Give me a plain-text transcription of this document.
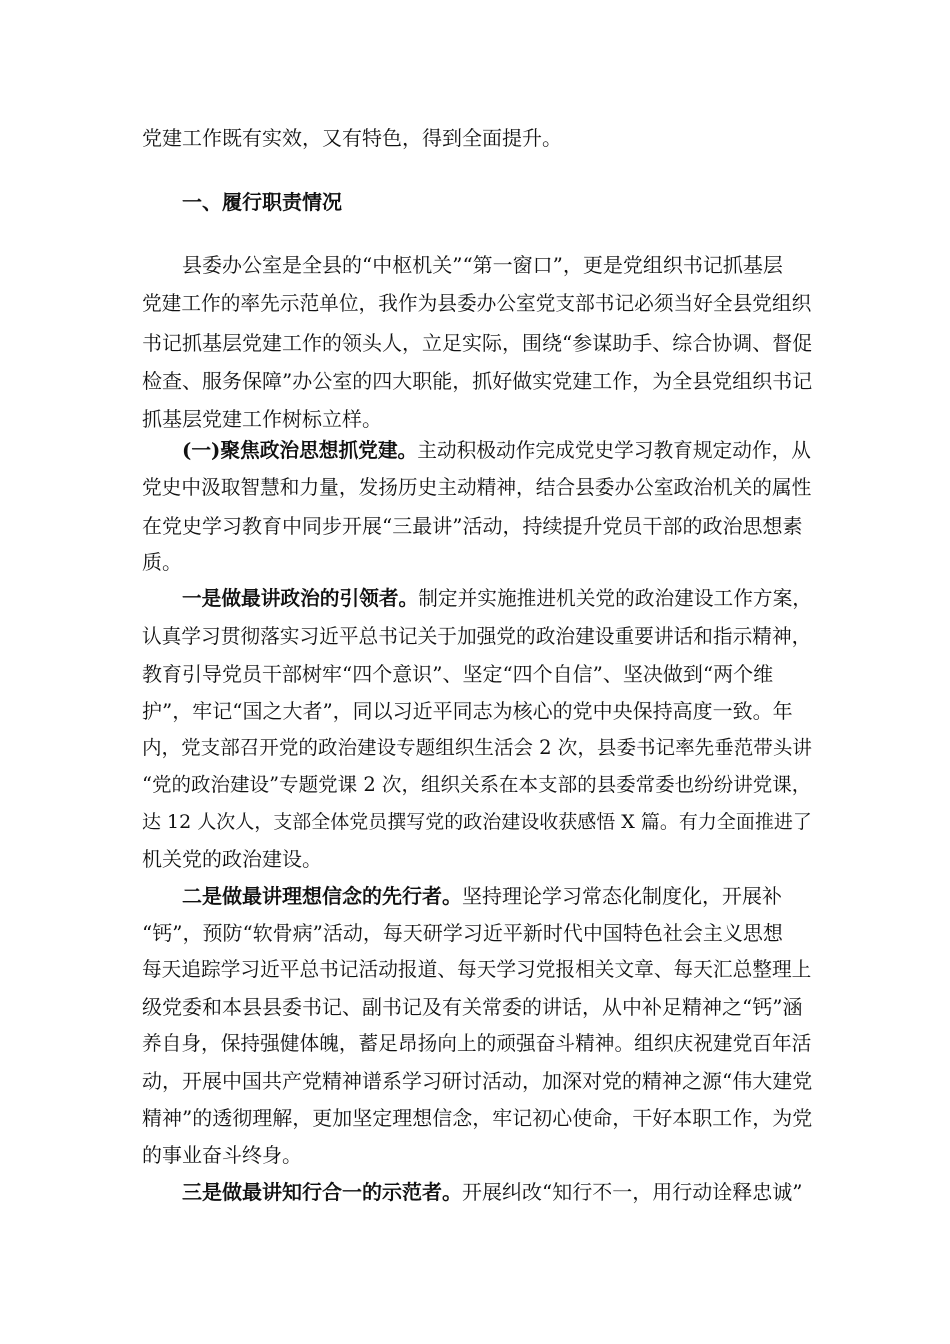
党建工作既有实效，又有特色，得到全面提升。
一、履行职责情况
县委办公室是全县的“中枢机关”“第一窗口”，更是党组织书记抓基层
党建工作的率先示范单位，我作为县委办公室党支部书记必须当好全县党组织
书记抓基层党建工作的领头人，立足实际，围绕“参谋助手、综合协调、督促
检查、服务保障”办公室的四大职能，抓好做实党建工作，为全县党组织书记
抓基层党建工作树标立样。
(一)聚焦政治思想抓党建。主动积极动作完成党史学习教育规定动作，从
党史中汲取智慧和力量，发扬历史主动精神，结合县委办公室政治机关的属性
在党史学习教育中同步开展“三最讲”活动，持续提升党员干部的政治思想素
质。
一是做最讲政治的引领者。制定并实施推进机关党的政治建设工作方案，
认真学习贯彻落实习近平总书记关于加强党的政治建设重要讲话和指示精神，
教育引导党员干部树牢“四个意识”、坚定“四个自信”、坚决做到“两个维
护”，牢记“国之大者”，同以习近平同志为核心的党中央保持高度一致。年
内，党支部召开党的政治建设专题组织生活会 2 次，县委书记率先垂范带头讲
“党的政治建设”专题党课 2 次，组织关系在本支部的县委常委也纷纷讲党课，
达 12 人次人，支部全体党员撰写党的政治建设收获感悟 X 篇。有力全面推进了
机关党的政治建设。
二是做最讲理想信念的先行者。坚持理论学习常态化制度化，开展补
“钙”，预防“软骨病”活动，每天研学习近平新时代中国特色社会主义思想
每天追踪学习近平总书记活动报道、每天学习党报相关文章、每天汇总整理上
级党委和本县县委书记、副书记及有关常委的讲话，从中补足精神之“钙”涵
养自身，保持强健体魄，蓄足昂扬向上的顽强奋斗精神。组织庆祝建党百年活
动，开展中国共产党精神谱系学习研讨活动，加深对党的精神之源“伟大建党
精神”的透彻理解，更加坚定理想信念，牢记初心使命，干好本职工作，为党
的事业奋斗终身。
三是做最讲知行合一的示范者。开展纠改“知行不一，用行动诠释忠诚”
